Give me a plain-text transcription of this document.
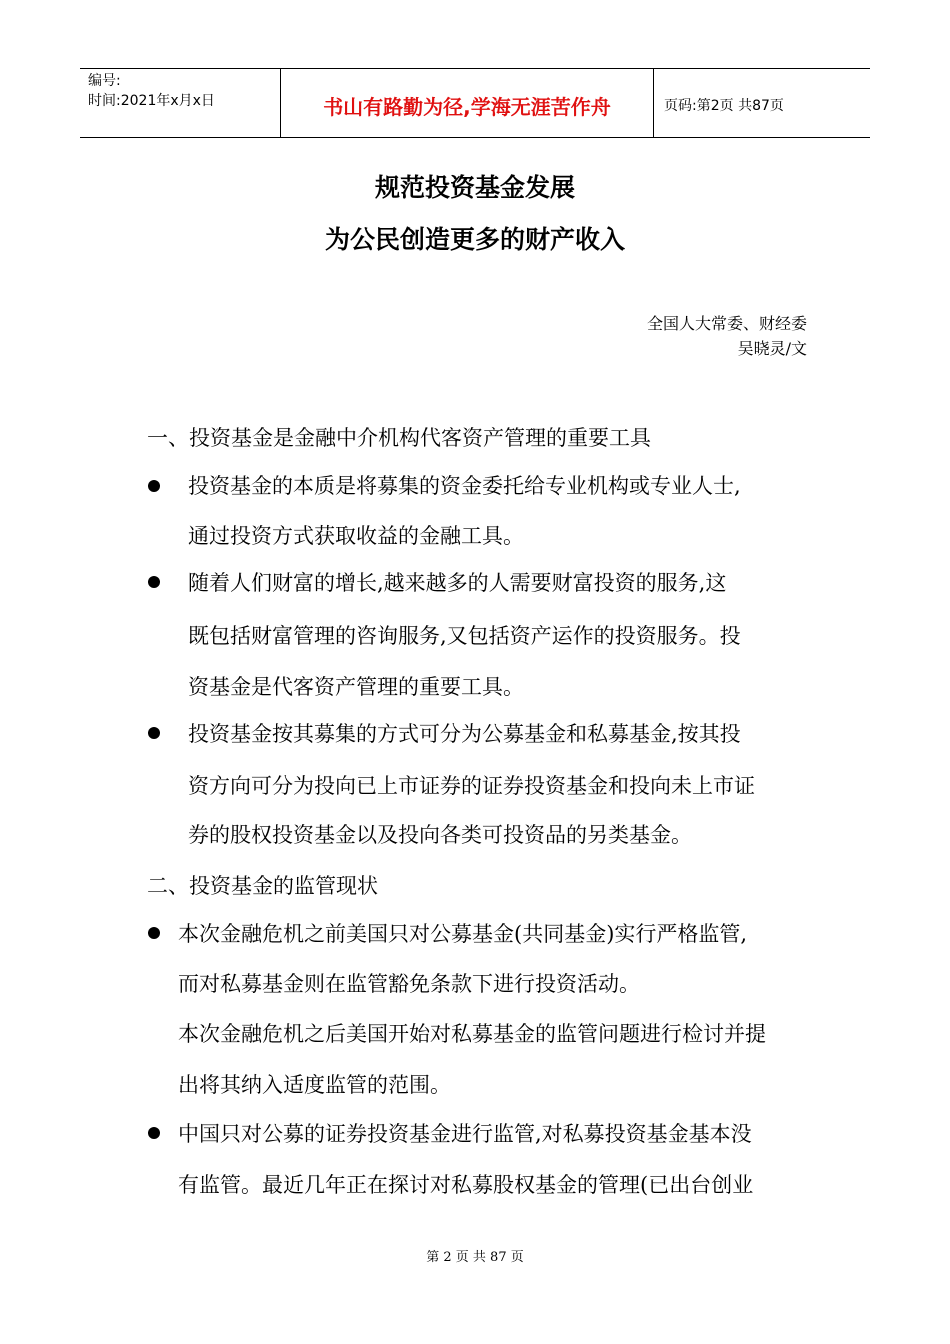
编号:
时间:2021年x月x日	书山有路勤为径,学海无涯苦作舟	页码:第2页 共87页
规范投资基金发展
为公民创造更多的财产收入
全国人大常委、财经委
吴晓灵/文
一、投资基金是金融中介机构代客资产管理的重要工具
投资基金的本质是将募集的资金委托给专业机构或专业人士,
通过投资方式获取收益的金融工具。
随着人们财富的增长,越来越多的人需要财富投资的服务,这
既包括财富管理的咨询服务,又包括资产运作的投资服务。投
资基金是代客资产管理的重要工具。
投资基金按其募集的方式可分为公募基金和私募基金,按其投
资方向可分为投向已上市证券的证券投资基金和投向未上市证
券的股权投资基金以及投向各类可投资品的另类基金。
二、投资基金的监管现状
本次金融危机之前美国只对公募基金(共同基金)实行严格监管,
而对私募基金则在监管豁免条款下进行投资活动。
本次金融危机之后美国开始对私募基金的监管问题进行检讨并提
出将其纳入适度监管的范围。
中国只对公募的证券投资基金进行监管,对私募投资基金基本没
有监管。最近几年正在探讨对私募股权基金的管理(已出台创业
第 2 页 共 87 页
